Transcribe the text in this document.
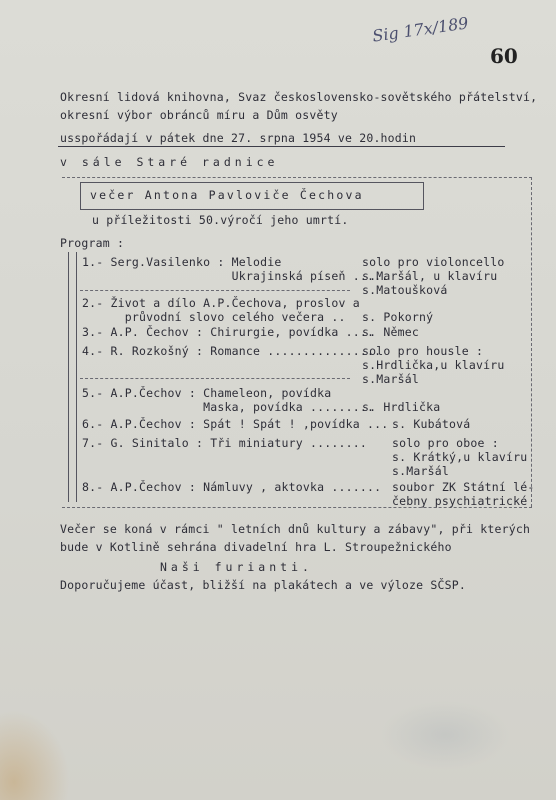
Sig 17x/189
60
Okresní lidová knihovna, Svaz československo-sovětského přátelství,
okresní výbor obránců míru a Dům osvěty
usspořádají v pátek dne 27. srpna 1954 ve 20.hodin
v sále Staré radnice
večer Antona Pavloviče Čechova
u příležitosti 50.výročí jeho umrtí.
Program :
1.- Serg.Vasilenko : Melodie
Ukrajinská píseň .....
solo pro violoncello
s.Maršál, u klavíru
s.Matoušková
2.- Život a dílo A.P.Čechova, proslov a
průvodní slovo celého večera .. s. Pokorný
3.- A.P. Čechov : Chirurgie, povídka ....
s. Němec
4.- R. Rozkošný : Romance ................
solo pro housle :
s.Hrdlička,u klavíru
s.Maršál
5.- A.P.Čechov : Chameleon, povídka
Maska, povídka .........
s. Hrdlička
6.- A.P.Čechov : Spát ! Spát ! ,povídka ... s. Kubátová
7.- G. Sinitalo : Tři miniatury ........ solo pro oboe :
s. Krátký,u klavíru
s.Maršál
8.- A.P.Čechov : Námluvy , aktovka ....... soubor ZK Státní lé-
čebny psychiatrické
Večer se koná v rámci " letních dnů kultury a zábavy", při kterých
bude v Kotlině sehrána divadelní hra L. Stroupežnického
Naši furianti.
Doporučujeme účast, bližší na plakátech a ve výloze SČSP.
